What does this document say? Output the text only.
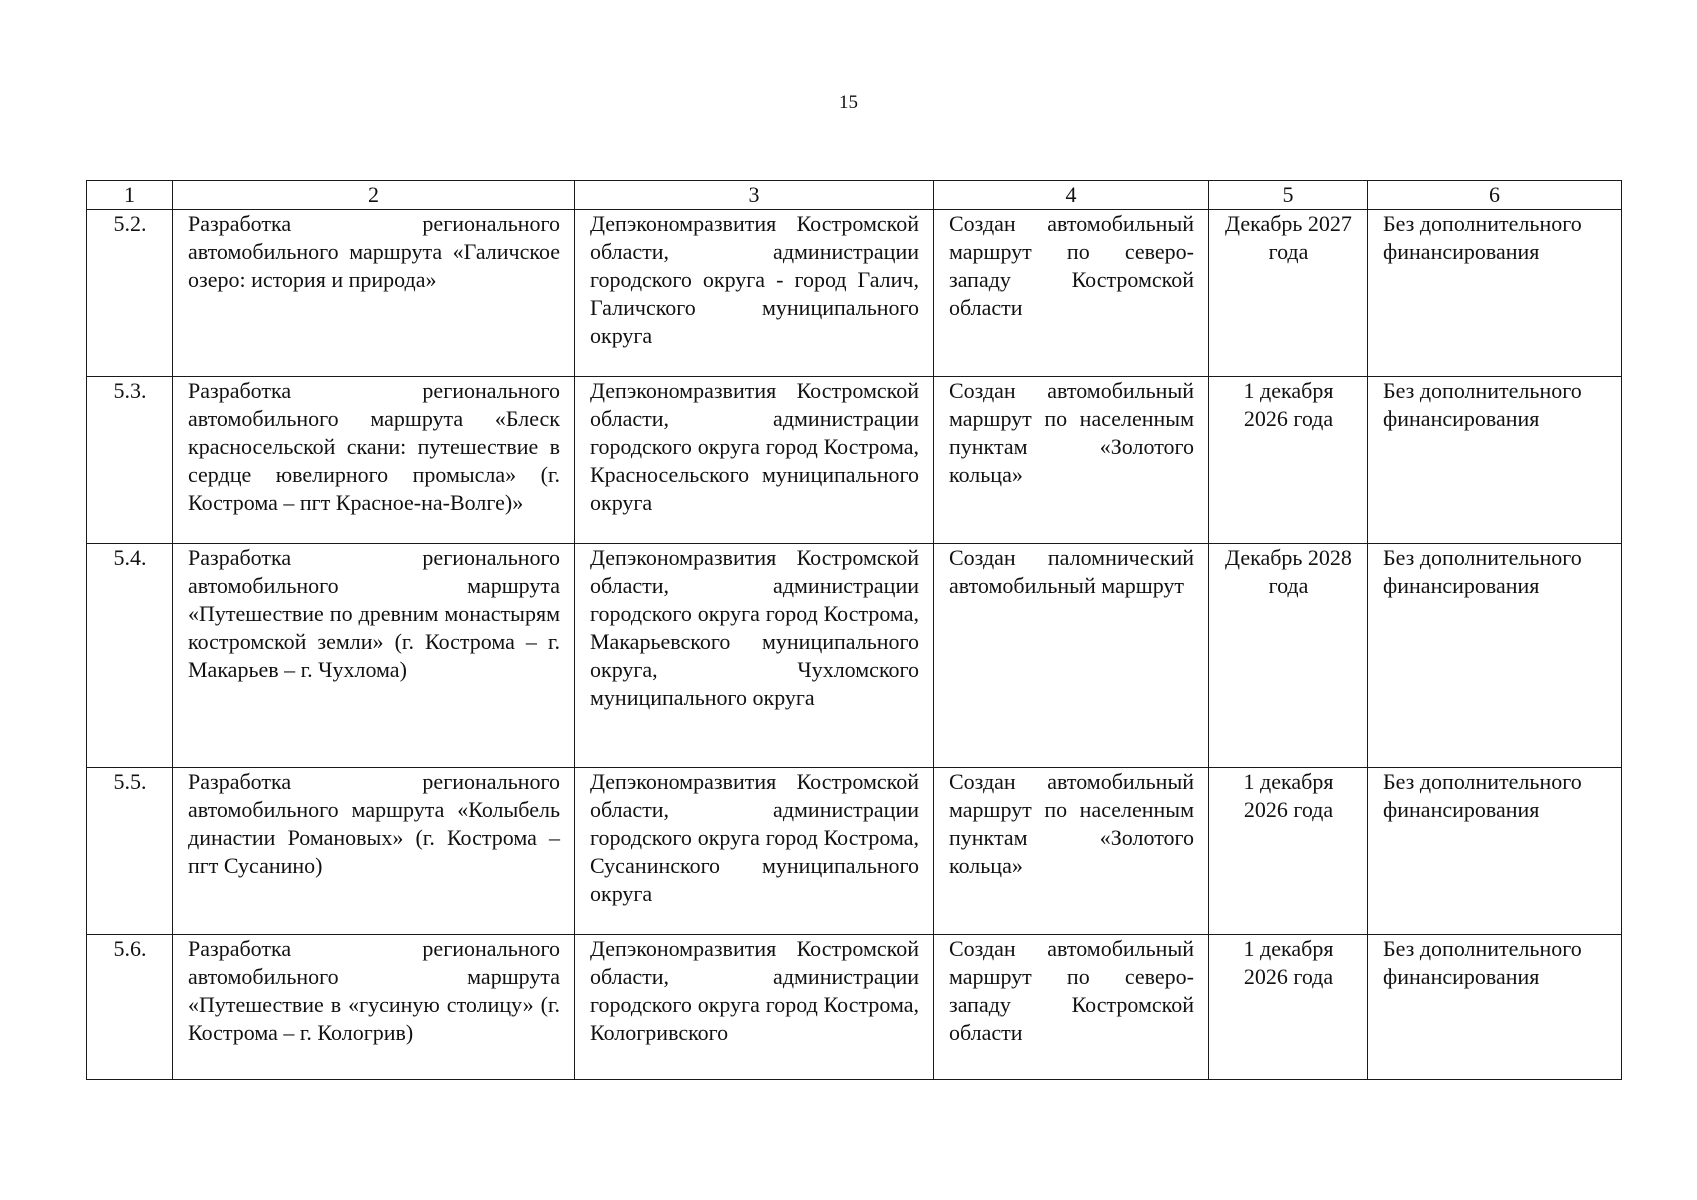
15
1	2	3	4	5	6
5.2.	Разработка регионального автомобильного маршрута «Галичское озеро: история и природа»	Депэкономразвития Костромской области, администрации городского округа - город Галич, Галичского муниципального округа	Создан автомобильный маршрут по северо-западу Костромской области	Декабрь 2027 года	Без дополнительного финансирования
5.3.	Разработка регионального автомобильного маршрута «Блеск красносельской скани: путешествие в сердце ювелирного промысла» (г. Кострома – пгт Красное-на-Волге)»	Депэкономразвития Костромской области, администрации городского округа город Кострома, Красносельского муниципального округа	Создан автомобильный маршрут по населенным пунктам «Золотого кольца»	1 декабря 2026 года	Без дополнительного финансирования
5.4.	Разработка регионального автомобильного маршрута «Путешествие по древним монастырям костромской земли» (г. Кострома – г. Макарьев – г. Чухлома)	Депэкономразвития Костромской области, администрации городского округа город Кострома, Макарьевского муниципального округа, Чухломского муниципального округа	Создан паломнический автомобильный маршрут	Декабрь 2028 года	Без дополнительного финансирования
5.5.	Разработка регионального автомобильного маршрута «Колыбель династии Романовых» (г. Кострома – пгт Сусанино)	Депэкономразвития Костромской области, администрации городского округа город Кострома, Сусанинского муниципального округа	Создан автомобильный маршрут по населенным пунктам «Золотого кольца»	1 декабря 2026 года	Без дополнительного финансирования
5.6.	Разработка регионального автомобильного маршрута «Путешествие в «гусиную столицу» (г. Кострома – г. Кологрив)	Депэкономразвития Костромской области, администрации городского округа город Кострома, Кологривского	Создан автомобильный маршрут по северо-западу Костромской области	1 декабря 2026 года	Без дополнительного финансирования
